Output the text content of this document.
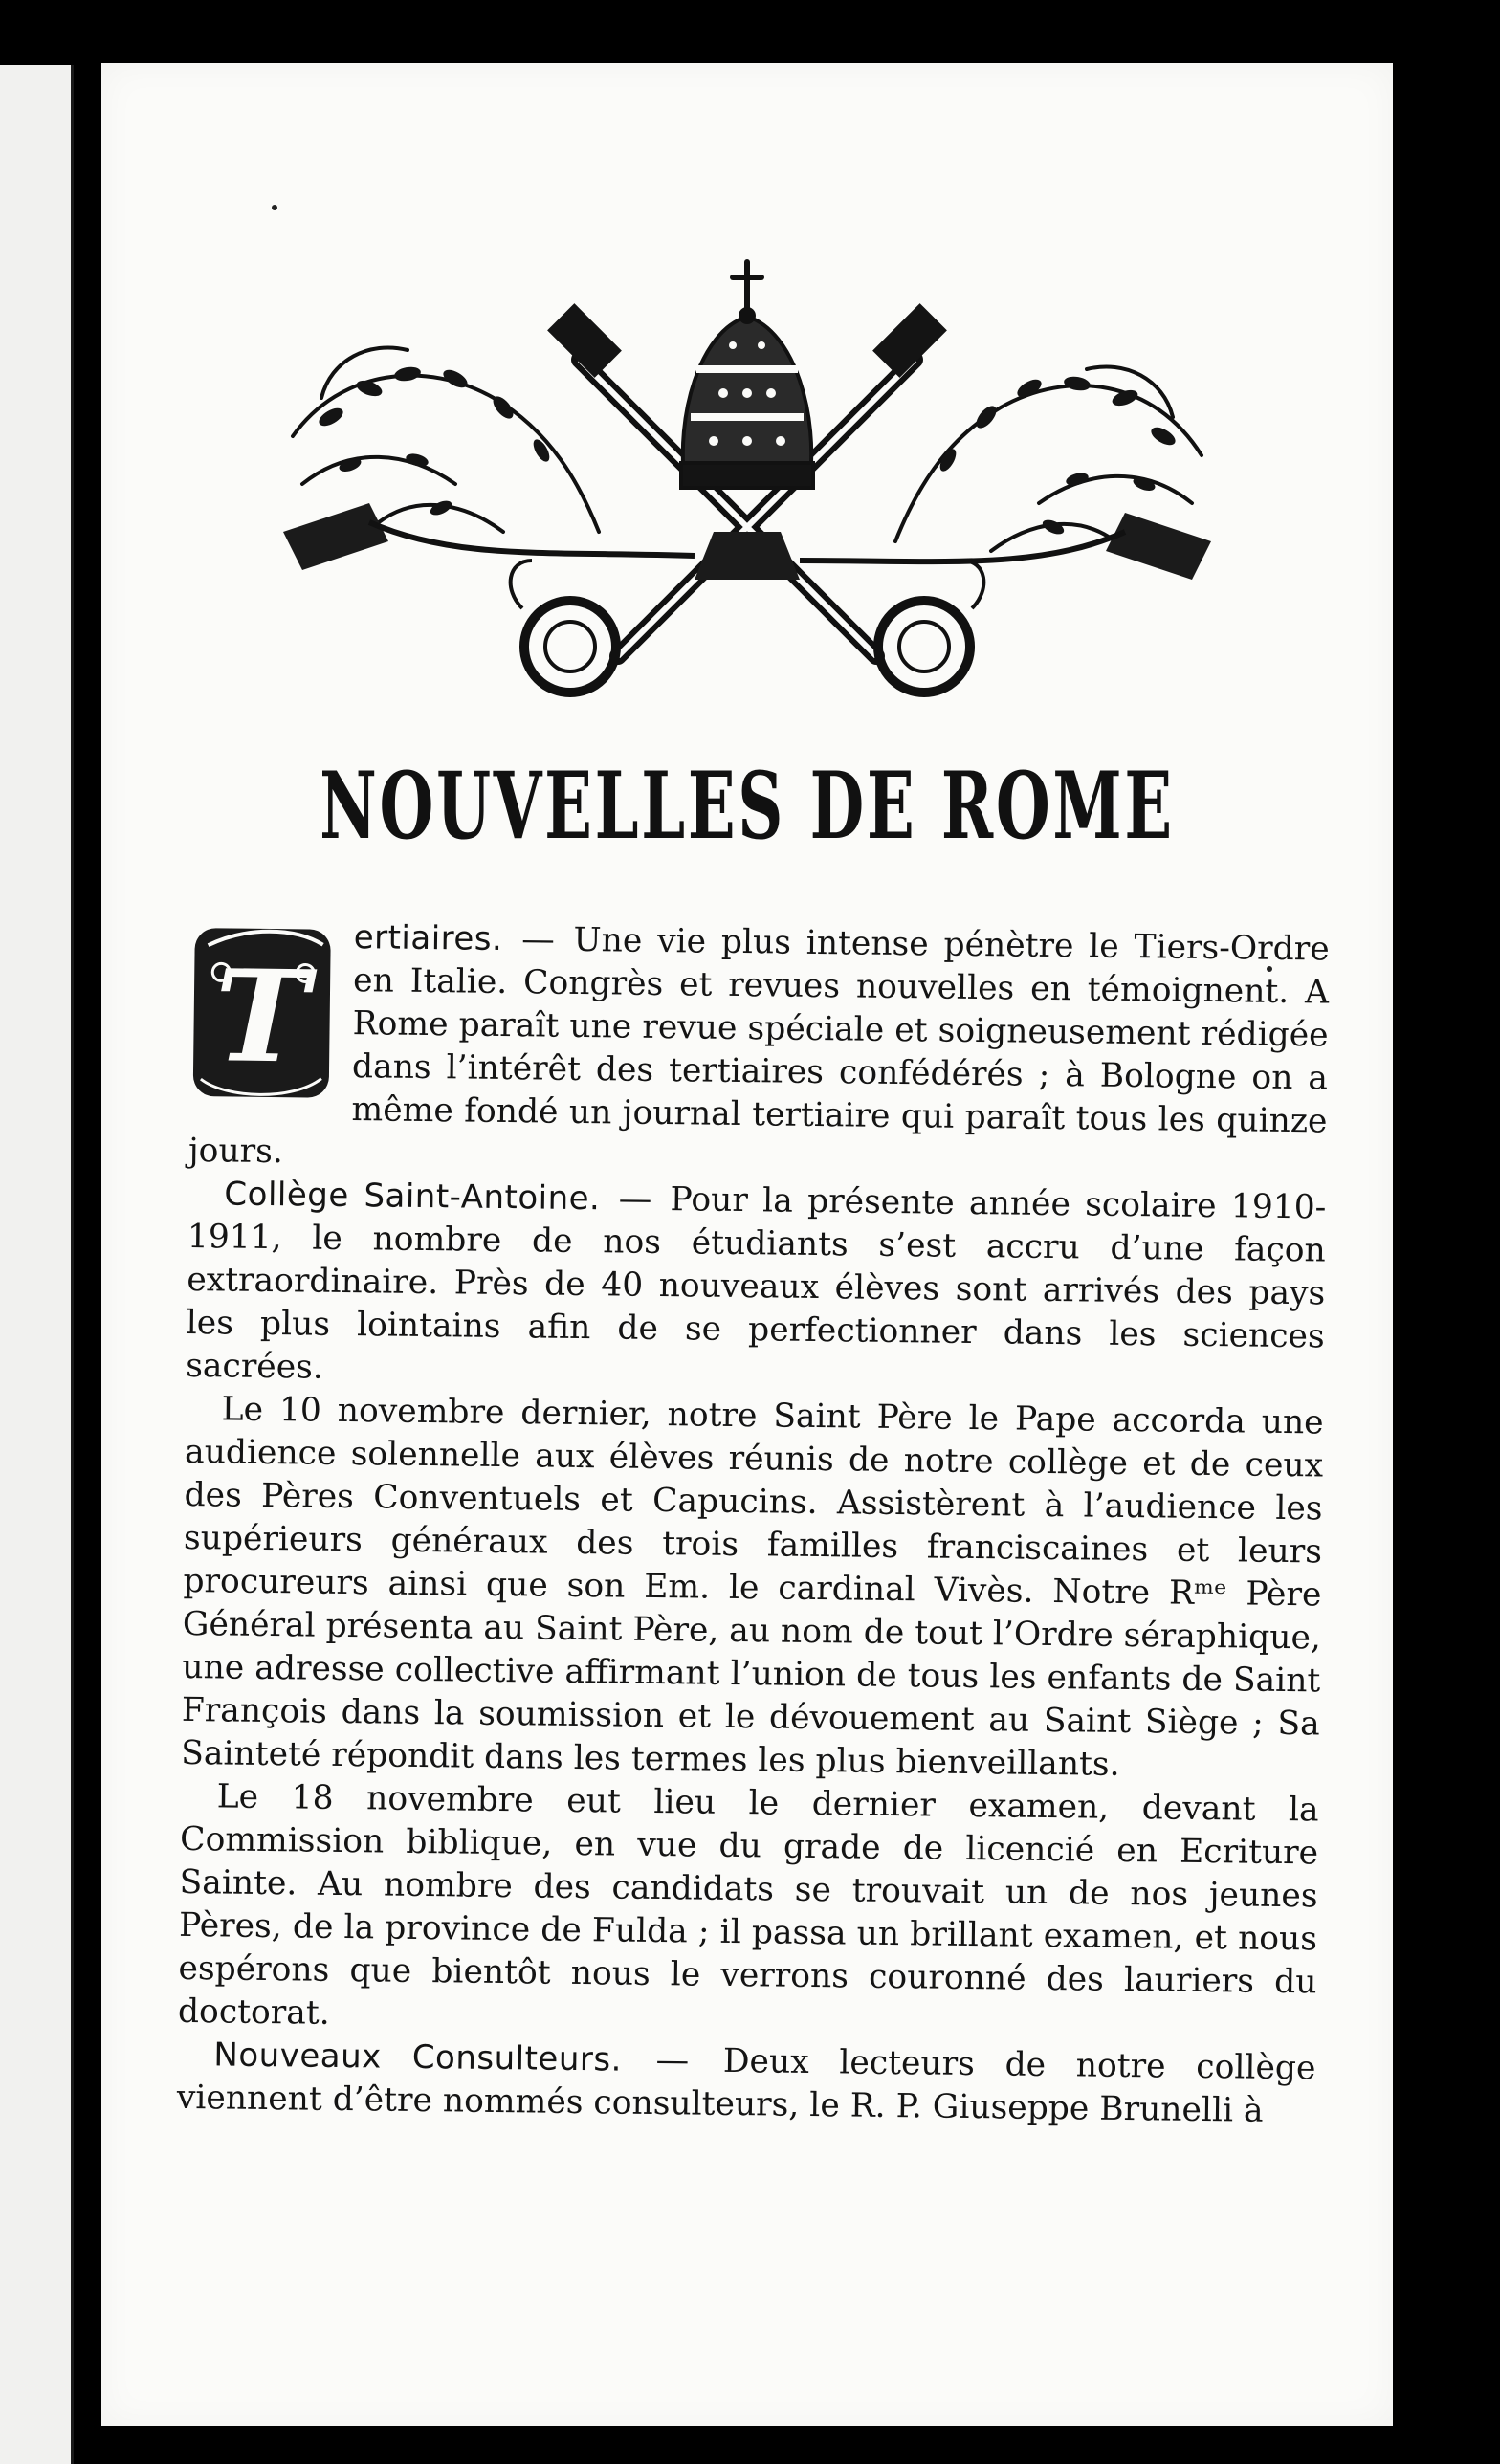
NOUVELLES DE ROME

T
ertiaires. — Une vie plus intense pénètre le Tiers-Ordre en Italie. Congrès et revues nouvelles en témoignent. A Rome paraît une revue spéciale et soigneusement rédigée dans l’intérêt des tertiaires confédérés ; à Bologne on a même fondé un journal tertiaire qui paraît tous les quinze jours.

Collège Saint-Antoine. — Pour la présente année scolaire 1910-1911, le nombre de nos étudiants s’est accru d’une façon extraordinaire. Près de 40 nouveaux élèves sont arrivés des pays les plus lointains afin de se perfectionner dans les sciences sacrées.

Le 10 novembre dernier, notre Saint Père le Pape accorda une audience solennelle aux élèves réunis de notre collège et de ceux des Pères Conventuels et Capucins. Assistèrent à l’audience les supérieurs généraux des trois familles franciscaines et leurs procureurs ainsi que son Em. le cardinal Vivès. Notre Rᵐᵉ Père Général présenta au Saint Père, au nom de tout l’Ordre séraphique, une adresse collective affirmant l’union de tous les enfants de Saint François dans la soumission et le dévouement au Saint Siège ; Sa Sainteté répondit dans les termes les plus bienveillants.

Le 18 novembre eut lieu le dernier examen, devant la Commission biblique, en vue du grade de licencié en Ecriture Sainte. Au nombre des candidats se trouvait un de nos jeunes Pères, de la province de Fulda ; il passa un brillant examen, et nous espérons que bientôt nous le verrons couronné des lauriers du doctorat.

Nouveaux Consulteurs. — Deux lecteurs de notre collège viennent d’être nommés consulteurs, le R. P. Giuseppe Brunelli à
